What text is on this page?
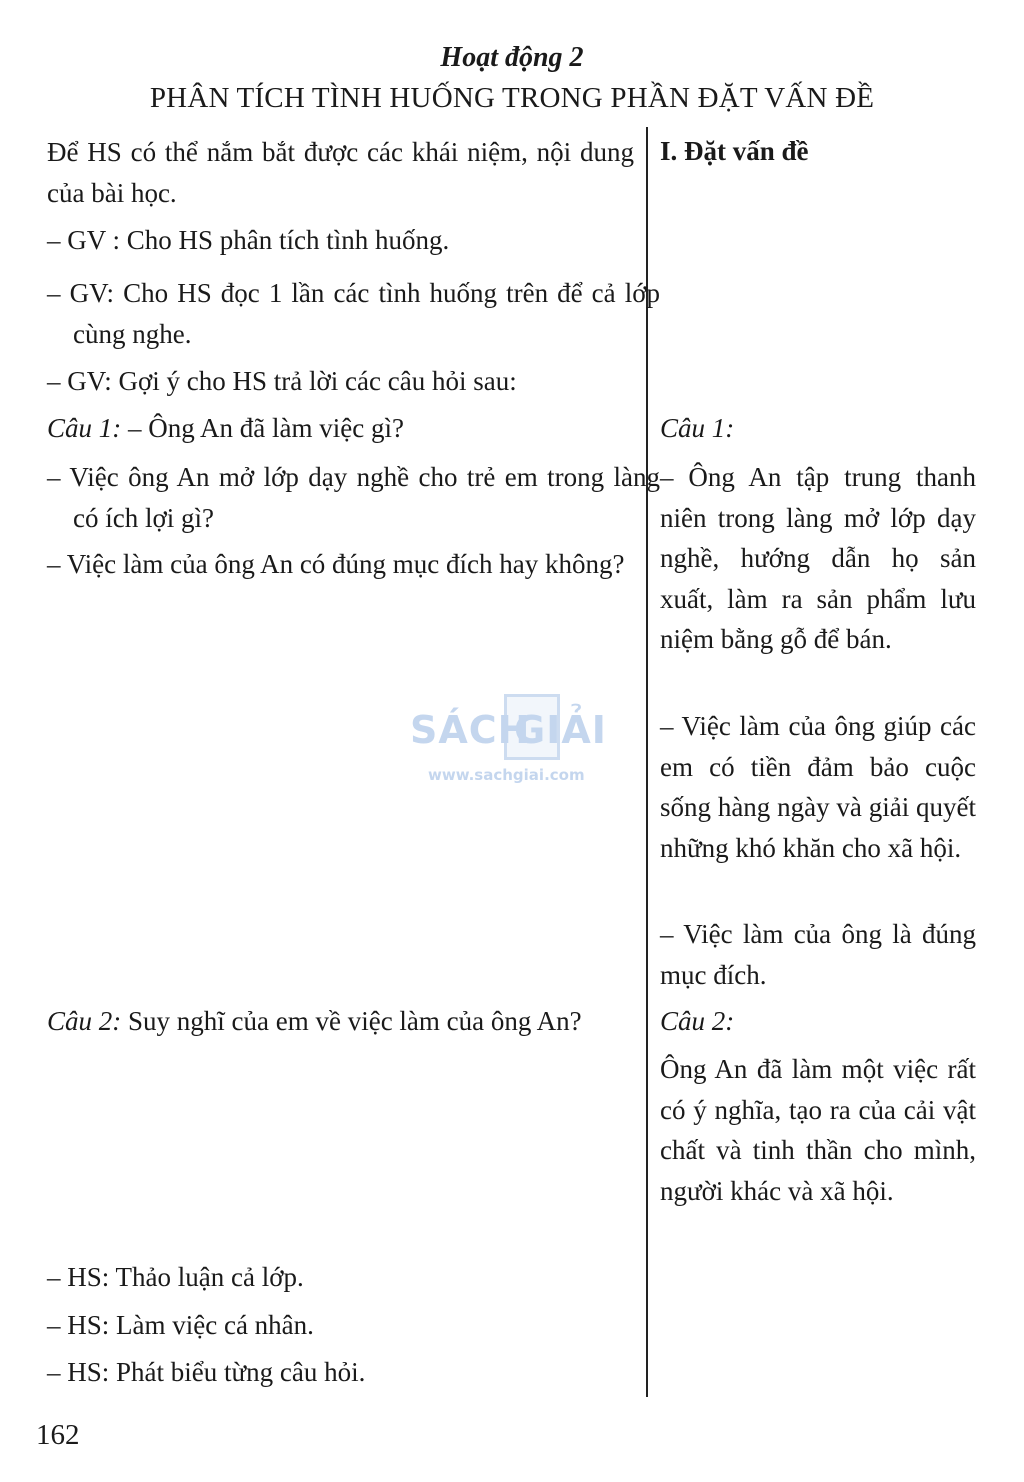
Hoạt động 2
PHÂN TÍCH TÌNH HUỐNG TRONG PHẦN ĐẶT VẤN ĐỀ

Để HS có thể nắm bắt được các khái niệm, nội dung của bài học.

– GV : Cho HS phân tích tình huống.

– GV: Cho HS đọc 1 lần các tình huống trên để cả lớp cùng nghe.

– GV: Gợi ý cho HS trả lời các câu hỏi sau:

Câu 1: – Ông An đã làm việc gì?

– Việc ông An mở lớp dạy nghề cho trẻ em trong làng có ích lợi gì?

– Việc làm của ông An có đúng mục đích hay không?

Câu 2: Suy nghĩ của em về việc làm của ông An?

– HS: Thảo luận cả lớp.

– HS: Làm việc cá nhân.

– HS: Phát biểu từng câu hỏi.

I. Đặt vấn đề

Câu 1:

– Ông An tập trung thanh niên trong làng mở lớp dạy nghề, hướng dẫn họ sản xuất, làm ra sản phẩm lưu niệm bằng gỗ để bán.

– Việc làm của ông giúp các em có tiền đảm bảo cuộc sống hàng ngày và giải quyết những khó khăn cho xã hội.

– Việc làm của ông là đúng mục đích.

Câu 2:

Ông An đã làm một việc rất có ý nghĩa, tạo ra của cải vật chất và tinh thần cho mình, người khác và xã hội.

SÁCH
GIẢI
www.sachgiai.com
162
